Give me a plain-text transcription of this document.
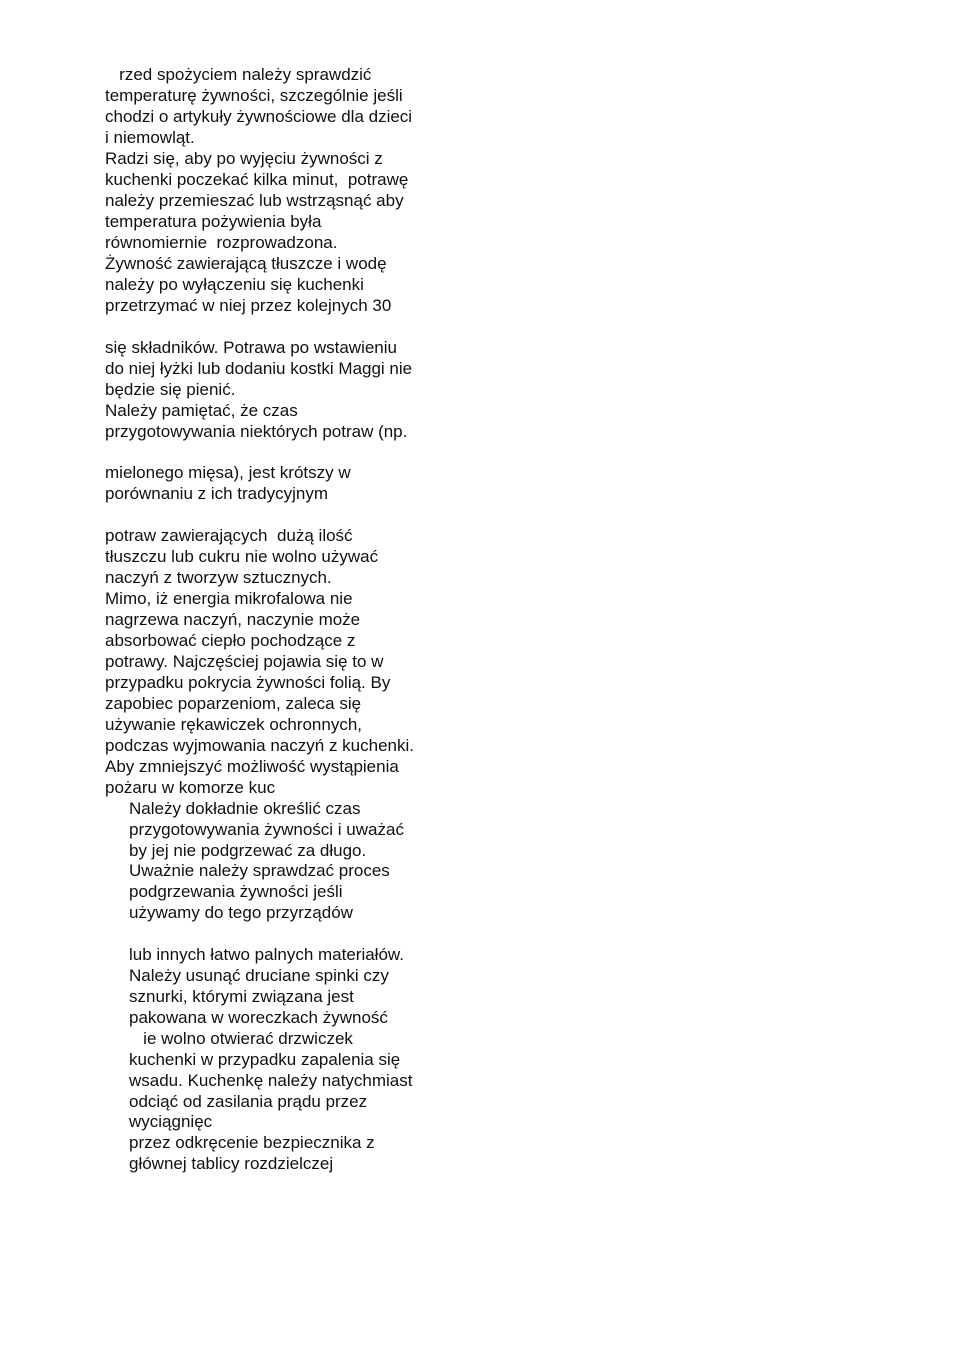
rzed spożyciem należy sprawdzić
temperaturę żywności, szczególnie jeśli
chodzi o artykuły żywnościowe dla dzieci
i niemowląt.
Radzi się, aby po wyjęciu żywności z
kuchenki poczekać kilka minut,  potrawę
należy przemieszać lub wstrząsnąć aby
temperatura pożywienia była
równomiernie  rozprowadzona.
Żywność zawierającą tłuszcze i wodę
należy po wyłączeniu się kuchenki
przetrzymać w niej przez kolejnych 30
się składników. Potrawa po wstawieniu
do niej łyżki lub dodaniu kostki Maggi nie
będzie się pienić.
Należy pamiętać, że czas
przygotowywania niektórych potraw (np.
mielonego mięsa), jest krótszy w
porównaniu z ich tradycyjnym
potraw zawierających  dużą ilość
tłuszczu lub cukru nie wolno używać
naczyń z tworzyw sztucznych.
Mimo, iż energia mikrofalowa nie
nagrzewa naczyń, naczynie może
absorbować ciepło pochodzące z
potrawy. Najczęściej pojawia się to w
przypadku pokrycia żywności folią. By
zapobiec poparzeniom, zaleca się
używanie rękawiczek ochronnych,
podczas wyjmowania naczyń z kuchenki.
Aby zmniejszyć możliwość wystąpienia
pożaru w komorze kuc
Należy dokładnie określić czas
przygotowywania żywności i uważać
by jej nie podgrzewać za długo.
Uważnie należy sprawdzać proces
podgrzewania żywności jeśli
używamy do tego przyrządów
lub innych łatwo palnych materiałów.
Należy usunąć druciane spinki czy
sznurki, którymi związana jest
pakowana w woreczkach żywność
ie wolno otwierać drzwiczek
kuchenki w przypadku zapalenia się
wsadu. Kuchenkę należy natychmiast
odciąć od zasilania prądu przez
wyciągnięc
przez odkręcenie bezpiecznika z
głównej tablicy rozdzielczej
